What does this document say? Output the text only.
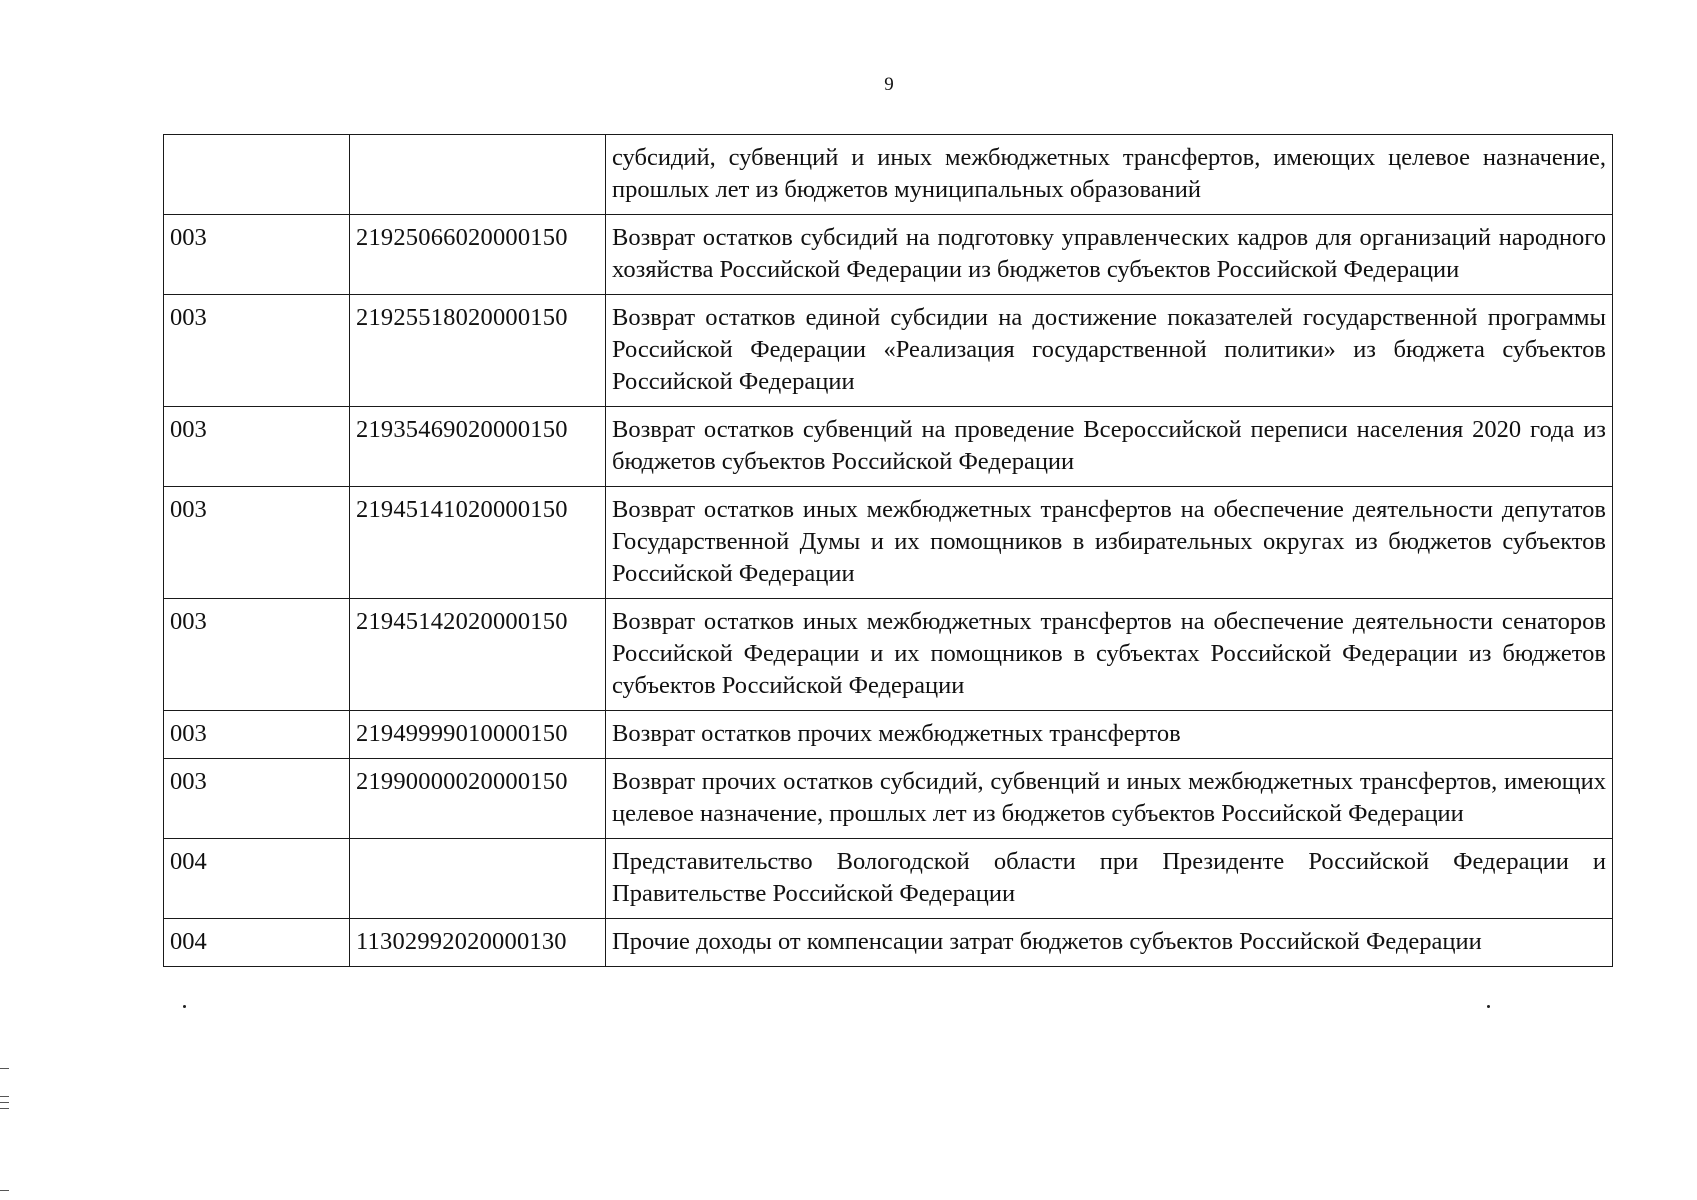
9
		субсидий, субвенций и иных межбюджетных трансфертов, имеющих целевое назначение, прошлых лет из бюджетов муниципальных образований
003	21925066020000150	Возврат остатков субсидий на подготовку управленческих кадров для организаций народного хозяйства Российской Федерации из бюджетов субъектов Российской Федерации
003	21925518020000150	Возврат остатков единой субсидии на достижение показателей государственной программы Российской Федерации «Реализация государственной политики» из бюджета субъектов Российской Федерации
003	21935469020000150	Возврат остатков субвенций на проведение Всероссийской переписи населения 2020 года из бюджетов субъектов Российской Федерации
003	21945141020000150	Возврат остатков иных межбюджетных трансфертов на обеспечение деятельности депутатов Государственной Думы и их помощников в избирательных округах из бюджетов субъектов Российской Федерации
003	21945142020000150	Возврат остатков иных межбюджетных трансфертов на обеспечение деятельности сенаторов Российской Федерации и их помощников в субъектах Российской Федерации из бюджетов субъектов Российской Федерации
003	21949999010000150	Возврат остатков прочих межбюджетных трансфертов
003	21990000020000150	Возврат прочих остатков субсидий, субвенций и иных межбюджетных трансфертов, имеющих целевое назначение, прошлых лет из бюджетов субъектов Российской Федерации
004		Представительство Вологодской области при Президенте Российской Федерации и Правительстве Российской Федерации
004	11302992020000130	Прочие доходы от компенсации затрат бюджетов субъектов Российской Федерации
